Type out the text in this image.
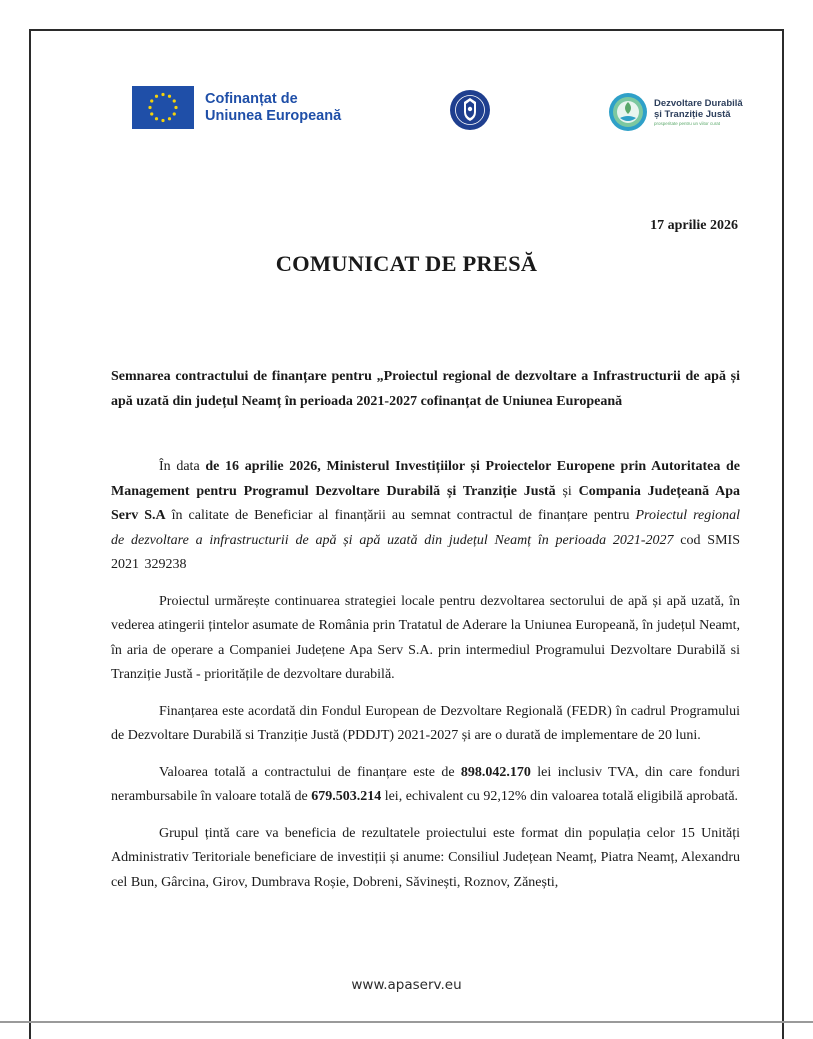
Cofinanțat de
Uniunea Europeană
Dezvoltare Durabilă
și Tranziție Justă
prosperitate pentru un viitor curat
17 aprilie 2026
COMUNICAT DE PRESĂ
Semnarea contractului de finanțare pentru „Proiectul regional de dezvoltare a Infrastructurii de apă și apă uzată din județul Neamț în perioada 2021-2027 cofinanțat de Uniunea Europeană

În data de 16 aprilie 2026, Ministerul Investițiilor și Proiectelor Europene prin Autoritatea de Management pentru Programul Dezvoltare Durabilă și Tranziție Justă și Compania Județeană Apa Serv S.A în calitate de Beneficiar al finanțării au semnat contractul de finanțare pentru Proiectul regional de dezvoltare a infrastructurii de apă și apă uzată din județul Neamț în perioada 2021-2027 cod SMIS 2021 329238

Proiectul urmărește continuarea strategiei locale pentru dezvoltarea sectorului de apă și apă uzată, în vederea atingerii țintelor asumate de România prin Tratatul de Aderare la Uniunea Europeană, în județul Neamt, în aria de operare a Companiei Județene Apa Serv S.A. prin intermediul Programului Dezvoltare Durabilă si Tranziție Justă - prioritățile de dezvoltare durabilă.

Finanțarea este acordată din Fondul European de Dezvoltare Regională (FEDR) în cadrul Programului de Dezvoltare Durabilă si Tranziție Justă (PDDJT) 2021-2027 și are o durată de implementare de 20 luni.

Valoarea totală a contractului de finanțare este de 898.042.170 lei inclusiv TVA, din care fonduri nerambursabile în valoare totală de 679.503.214 lei, echivalent cu 92,12% din valoarea totală eligibilă aprobată.

Grupul țintă care va beneficia de rezultatele proiectului este format din populația celor 15 Unități Administrativ Teritoriale beneficiare de investiții și anume: Consiliul Județean Neamț, Piatra Neamț, Alexandru cel Bun, Gârcina, Girov, Dumbrava Roșie, Dobreni, Săvinești, Roznov, Zănești,

www.apaserv.eu
